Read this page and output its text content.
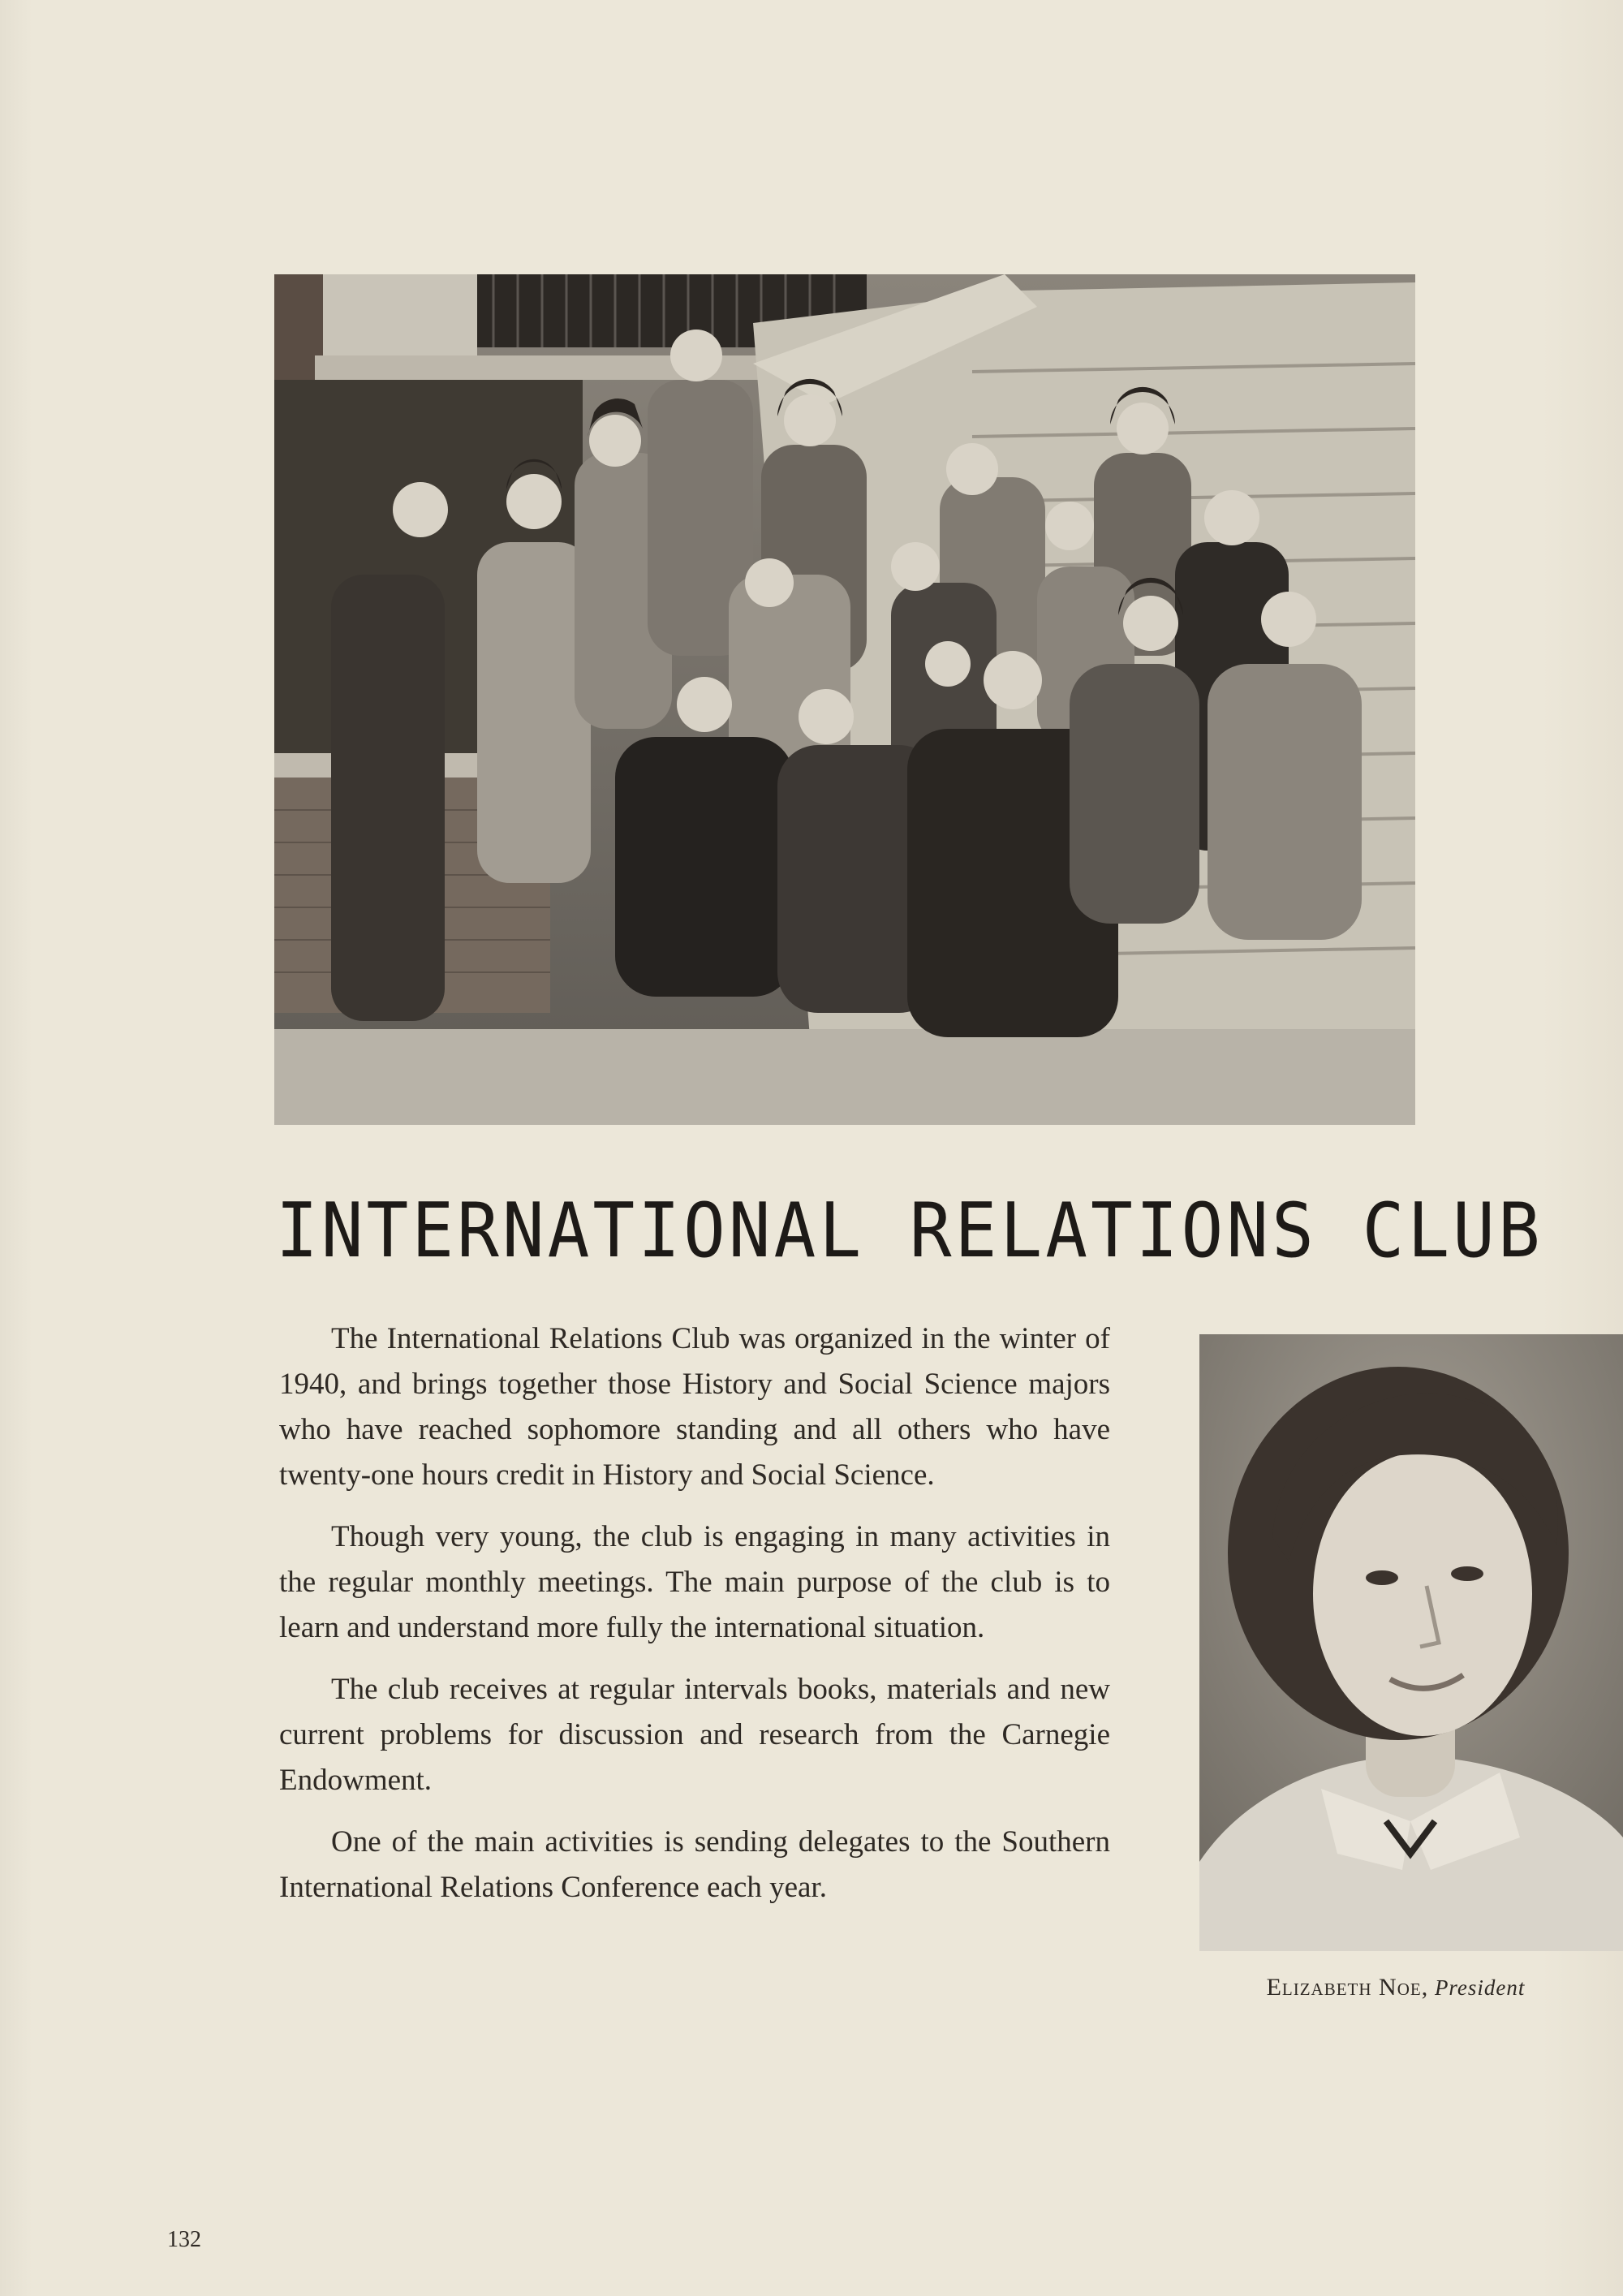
INTERNATIONAL RELATIONS CLUB

The International Relations Club was organized in the winter of 1940, and brings together those History and Social Science majors who have reached sophomore standing and all others who have twenty-one hours credit in History and Social Science.

Though very young, the club is engaging in many activities in the regular monthly meetings. The main purpose of the club is to learn and understand more fully the international situation.

The club receives at regular intervals books, materials and new current problems for discussion and research from the Carnegie Endowment.

One of the main activities is sending delegates to the Southern International Relations Conference each year.

Elizabeth Noe, President
132
